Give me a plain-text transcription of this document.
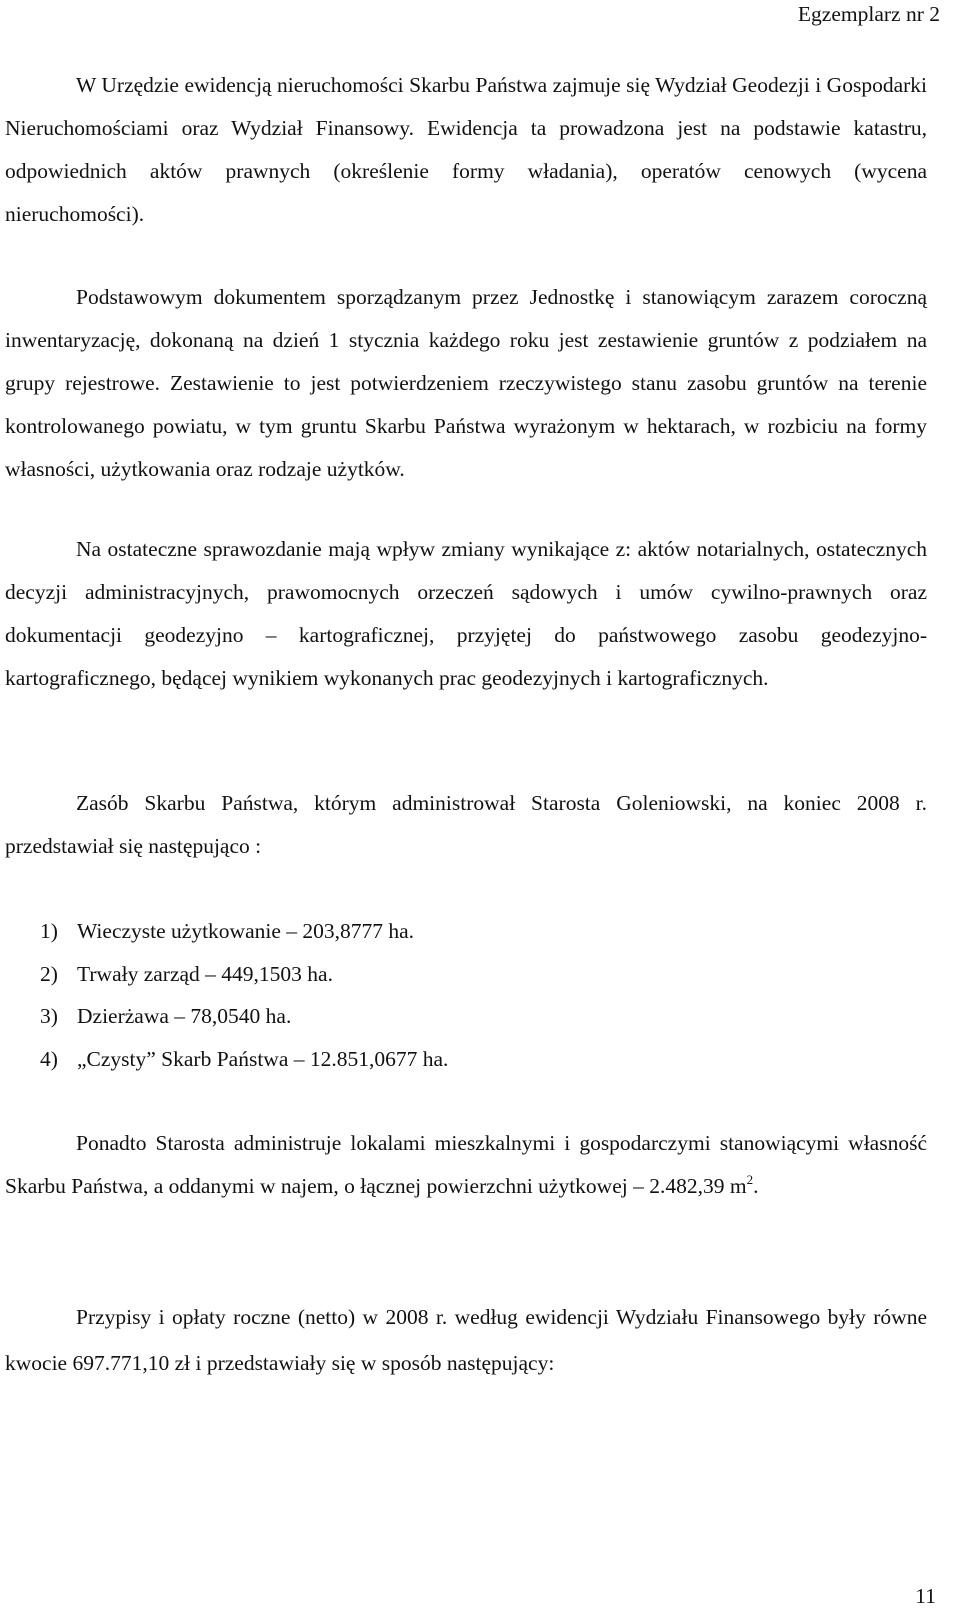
Egzemplarz nr 2

W Urzędzie ewidencją nieruchomości Skarbu Państwa zajmuje się Wydział Geodezji i Gospodarki Nieruchomościami oraz Wydział Finansowy. Ewidencja ta prowadzona jest na podstawie katastru, odpowiednich aktów prawnych (określenie formy władania), operatów cenowych (wycena nieruchomości).

Podstawowym dokumentem sporządzanym przez Jednostkę i stanowiącym zarazem coroczną inwentaryzację, dokonaną na dzień 1 stycznia każdego roku jest zestawienie gruntów z podziałem na grupy rejestrowe. Zestawienie to jest potwierdzeniem rzeczywistego stanu zasobu gruntów na terenie kontrolowanego powiatu, w tym gruntu Skarbu Państwa wyrażonym w hektarach, w rozbiciu na formy własności, użytkowania oraz rodzaje użytków.

Na ostateczne sprawozdanie mają wpływ zmiany wynikające z: aktów notarialnych, ostatecznych decyzji administracyjnych, prawomocnych orzeczeń sądowych i umów cywilno-prawnych oraz dokumentacji geodezyjno – kartograficznej, przyjętej do państwowego zasobu geodezyjno-kartograficznego, będącej wynikiem wykonanych prac geodezyjnych i kartograficznych.

Zasób Skarbu Państwa, którym administrował Starosta Goleniowski, na koniec 2008 r. przedstawiał się następująco :

1) Wieczyste użytkowanie – 203,8777 ha.
2) Trwały zarząd – 449,1503 ha.
3) Dzierżawa – 78,0540 ha.
4) „Czysty” Skarb Państwa – 12.851,0677 ha.

Ponadto Starosta administruje lokalami mieszkalnymi i gospodarczymi stanowiącymi własność Skarbu Państwa, a oddanymi w najem, o łącznej powierzchni użytkowej – 2.482,39 $m^2$.

Przypisy i opłaty roczne (netto) w 2008 r. według ewidencji Wydziału Finansowego były równe kwocie 697.771,10 zł i przedstawiały się w sposób następujący:

11
